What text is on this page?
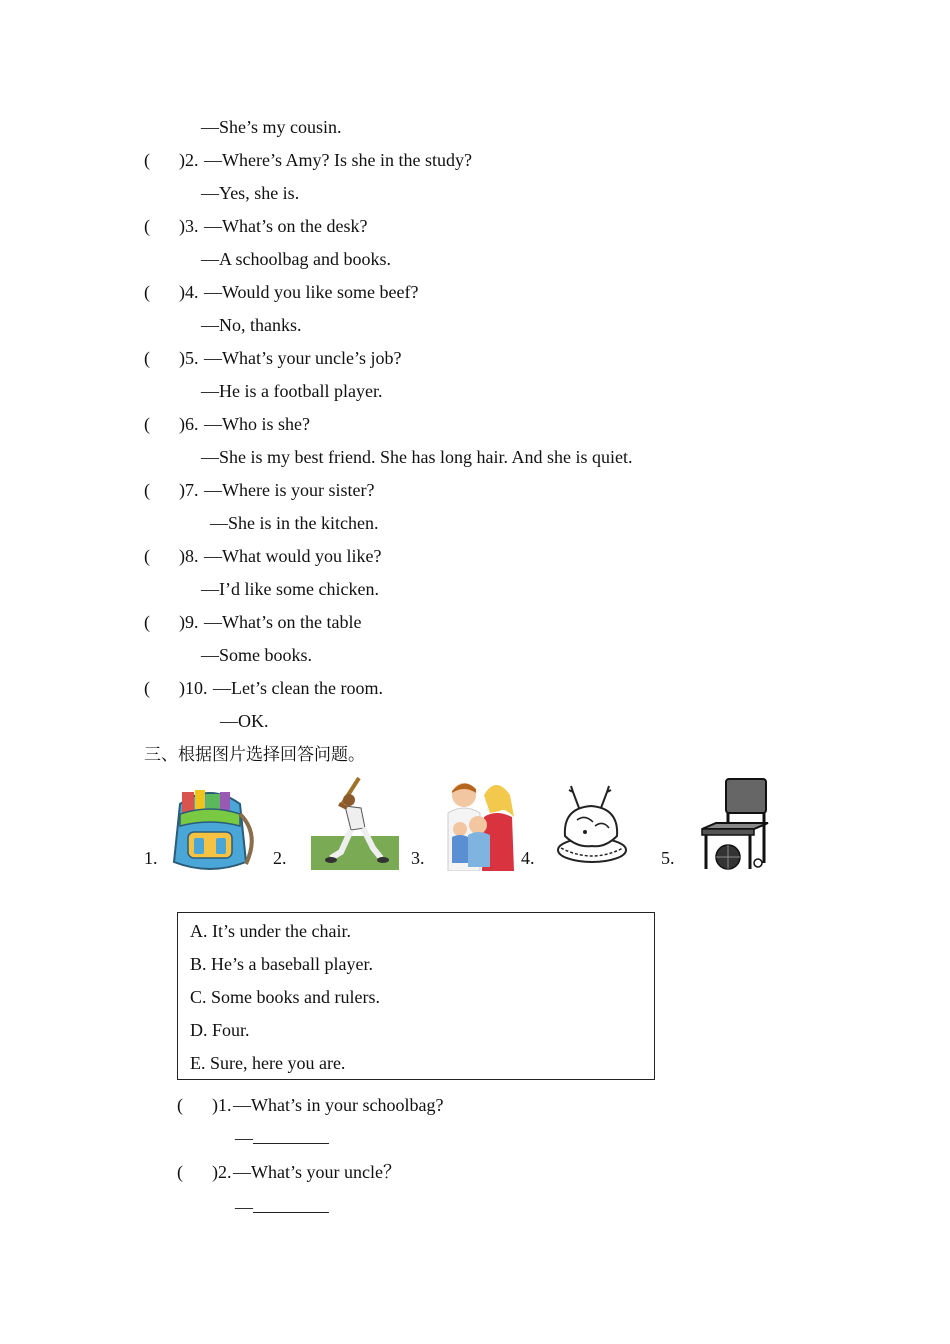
—She’s my cousin.
( )2. —Where’s Amy? Is she in the study?
—Yes, she is.
( )3. —What’s on the desk?
—A schoolbag and books.
( )4. —Would you like some beef?
—No, thanks.
( )5. —What’s your uncle’s job?
—He is a football player.
( )6. —Who is she?
—She is my best friend. She has long hair. And she is quiet.
( )7. —Where is your sister?
—She is in the kitchen.
( )8. —What would you like?
—I’d like some chicken.
( )9. —What’s on the table
—Some books.
( )10. —Let’s clean the room.
—OK.
三、根据图片选择回答问题。
1.	2.	3.	4.	5.
A. It’s under the chair.
B. He’s a baseball player.
C. Some books and rulers.
D. Four.
E. Sure, here you are.
( )1. —What’s in your schoolbag?
—
( )2. —What’s your uncle？
—
